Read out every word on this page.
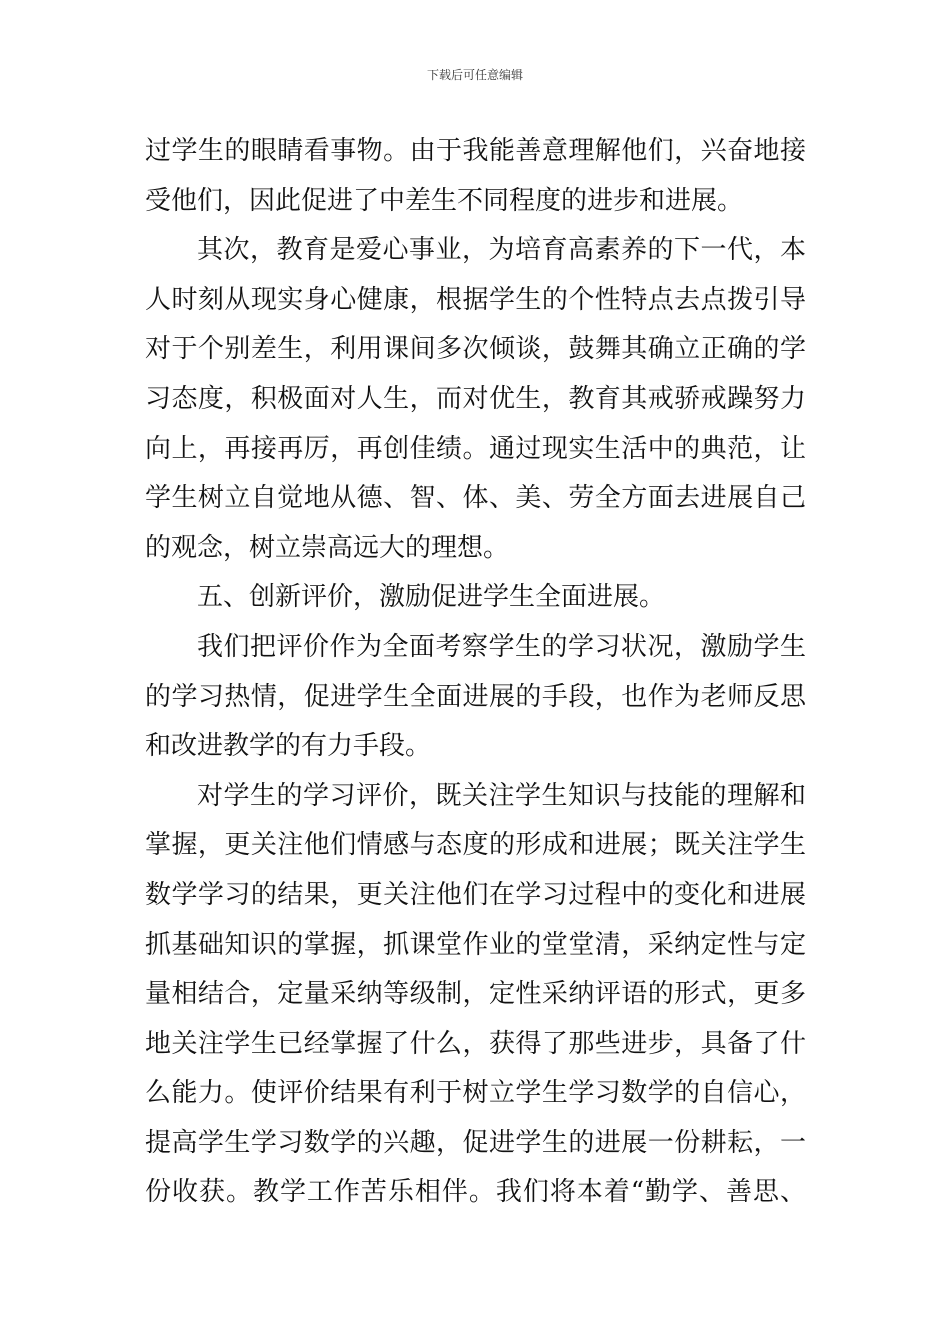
下载后可任意编辑
过学生的眼睛看事物。由于我能善意理解他们，兴奋地接
受他们，因此促进了中差生不同程度的进步和进展。
其次，教育是爱心事业，为培育高素养的下一代，本
人时刻从现实身心健康，根据学生的个性特点去点拨引导
对于个别差生，利用课间多次倾谈，鼓舞其确立正确的学
习态度，积极面对人生，而对优生，教育其戒骄戒躁努力
向上，再接再厉，再创佳绩。通过现实生活中的典范，让
学生树立自觉地从德、智、体、美、劳全方面去进展自己
的观念，树立崇高远大的理想。
五、创新评价，激励促进学生全面进展。
我们把评价作为全面考察学生的学习状况，激励学生
的学习热情，促进学生全面进展的手段，也作为老师反思
和改进教学的有力手段。
对学生的学习评价，既关注学生知识与技能的理解和
掌握，更关注他们情感与态度的形成和进展；既关注学生
数学学习的结果，更关注他们在学习过程中的变化和进展
抓基础知识的掌握，抓课堂作业的堂堂清，采纳定性与定
量相结合，定量采纳等级制，定性采纳评语的形式，更多
地关注学生已经掌握了什么，获得了那些进步，具备了什
么能力。使评价结果有利于树立学生学习数学的自信心，
提高学生学习数学的兴趣，促进学生的进展一份耕耘，一
份收获。教学工作苦乐相伴。我们将本着“勤学、善思、
